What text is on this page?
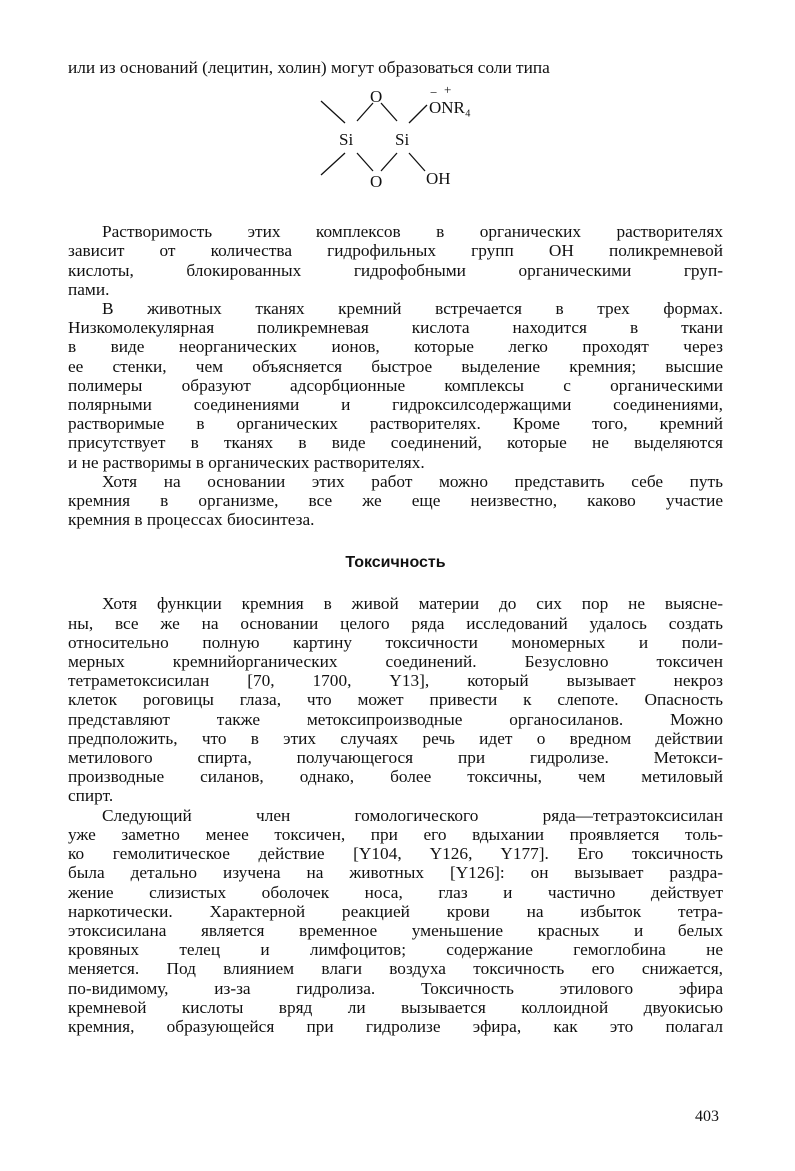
или из оснований (лецитин, холин) могут образоваться соли типа
O
O
Si Si
ONR₄
OH
− +
Растворимость этих комплексов в органических растворителях
зависит от количества гидрофильных групп ОН поликремневой
кислоты, блокированных гидрофобными органическими груп-
пами.
В животных тканях кремний встречается в трех формах.
Низкомолекулярная поликремневая кислота находится в ткани
в виде неорганических ионов, которые легко проходят через
ее стенки, чем объясняется быстрое выделение кремния; высшие
полимеры образуют адсорбционные комплексы с органическими
полярными соединениями и гидроксилсодержащими соединениями,
растворимые в органических растворителях. Кроме того, кремний
присутствует в тканях в виде соединений, которые не выделяются
и не растворимы в органических растворителях.
Хотя на основании этих работ можно представить себе путь
кремния в организме, все же еще неизвестно, каково участие
кремния в процессах биосинтеза.
Токсичность
Хотя функции кремния в живой материи до сих пор не выясне-
ны, все же на основании целого ряда исследований удалось создать
относительно полную картину токсичности мономерных и поли-
мерных кремнийорганических соединений. Безусловно токсичен
тетраметоксисилан [70, 1700, Y13], который вызывает некроз
клеток роговицы глаза, что может привести к слепоте. Опасность
представляют также метоксипроизводные органосиланов. Можно
предположить, что в этих случаях речь идет о вредном действии
метилового спирта, получающегося при гидролизе. Метокси-
производные силанов, однако, более токсичны, чем метиловый
спирт.
Следующий член гомологического ряда—тетраэтоксисилан
уже заметно менее токсичен, при его вдыхании проявляется толь-
ко гемолитическое действие [Y104, Y126, Y177]. Его токсичность
была детально изучена на животных [Y126]: он вызывает раздра-
жение слизистых оболочек носа, глаз и частично действует
наркотически. Характерной реакцией крови на избыток тетра-
этоксисилана является временное уменьшение красных и белых
кровяных телец и лимфоцитов; содержание гемоглобина не
меняется. Под влиянием влаги воздуха токсичность его снижается,
по-видимому, из-за гидролиза. Токсичность этилового эфира
кремневой кислоты вряд ли вызывается коллоидной двуокисью
кремния, образующейся при гидролизе эфира, как это полагал
403
